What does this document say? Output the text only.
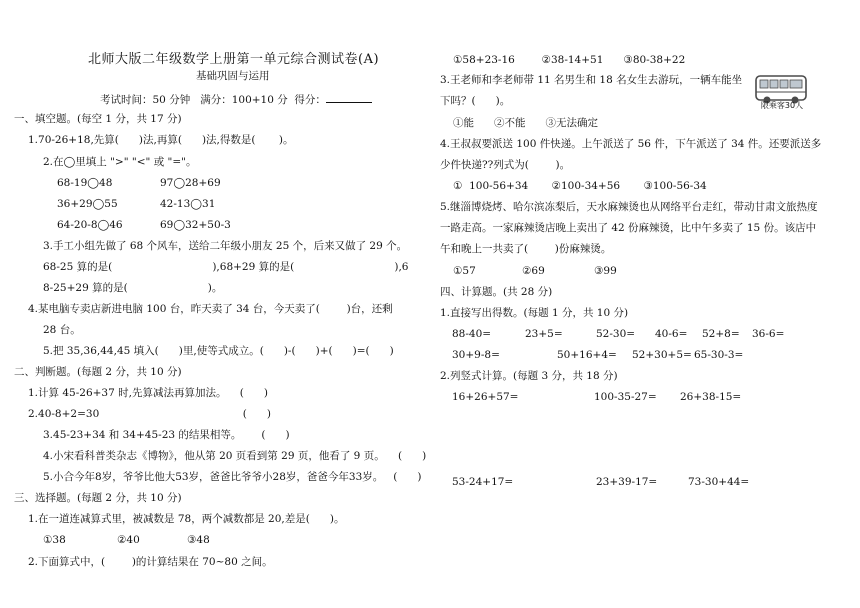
北师大版二年级数学上册第一单元综合测试卷(A)
基础巩固与运用
考试时间：50 分钟   满分：100+10 分  得分：
一、填空题。(每空 1 分，共 17 分)
1.70-26+18,先算(      )法,再算(      )法,得数是(       )。
2.在◯里填上 ">" "<" 或 "="。
68-19◯48	97◯28+69
36+29◯55	42-13◯31
64-20-8◯46	69◯32+50-3
3.手工小组先做了 68 个风车，送给二年级小朋友 25 个，后来又做了 29 个。
68-25 算的是(                              ),68+29 算的是(                              ),6
8-25+29 算的是(                        )。
4.某电脑专卖店新进电脑 100 台，昨天卖了 34 台，今天卖了(        )台，还剩
28 台。
5.把 35,36,44,45 填入(      )里,使等式成立。(      )-(      )+(      )=(      )
二、判断题。(每题 2 分，共 10 分)
1.计算 45-26+37 时,先算减法再算加法。    (      )
2.40-8+2=30                                           (      )
3.45-23+34 和 34+45-23 的结果相等。      (      )
4.小宋看科普类杂志《博物》，他从第 20 页看到第 29 页，他看了 9 页。    (      )
5.小合今年8岁，爷爷比他大53岁，爸爸比爷爷小28岁，爸爸今年33岁。   (      )
三、选择题。(每题 2 分，共 10 分)
1.在一道连减算式里，被减数是 78，两个减数都是 20,差是(      )。
①38	②40	③48
2.下面算式中，(        )的计算结果在 70~80 之间。
①58+23-16        ②38-14+51      ③80-38+22
3.王老师和李老师带 11 名男生和 18 名女生去游玩，一辆车能坐
下吗？(      )。
①能      ②不能      ③无法确定
4.王叔叔要派送 100 件快递。上午派送了 56 件，下午派送了 34 件。还要派送多
少件快递??列式为(        )。
①  100-56+34       ②100-34+56       ③100-56-34
5.继淄博烧烤、哈尔滨冻梨后，天水麻辣烫也从网络平台走红，带动甘肃文旅热度
一路走高。一家麻辣烫店晚上卖出了 42 份麻辣烫，比中午多卖了 15 份。该店中
午和晚上一共卖了(        )份麻辣烫。
①57	②69	③99
四、计算题。(共 28 分)
1.直接写出得数。(每题 1 分，共 10 分)
88-40=	23+5=	52-30= 40-6= 52+8= 36-6=
30+9-8=	50+16+4= 52+30+5= 65-30-3=
2.列竖式计算。(每题 3 分，共 18 分)
16+26+57=	100-35-27= 26+38-15=
53-24+17=	23+39-17=	73-30+44=
限乘客30人
